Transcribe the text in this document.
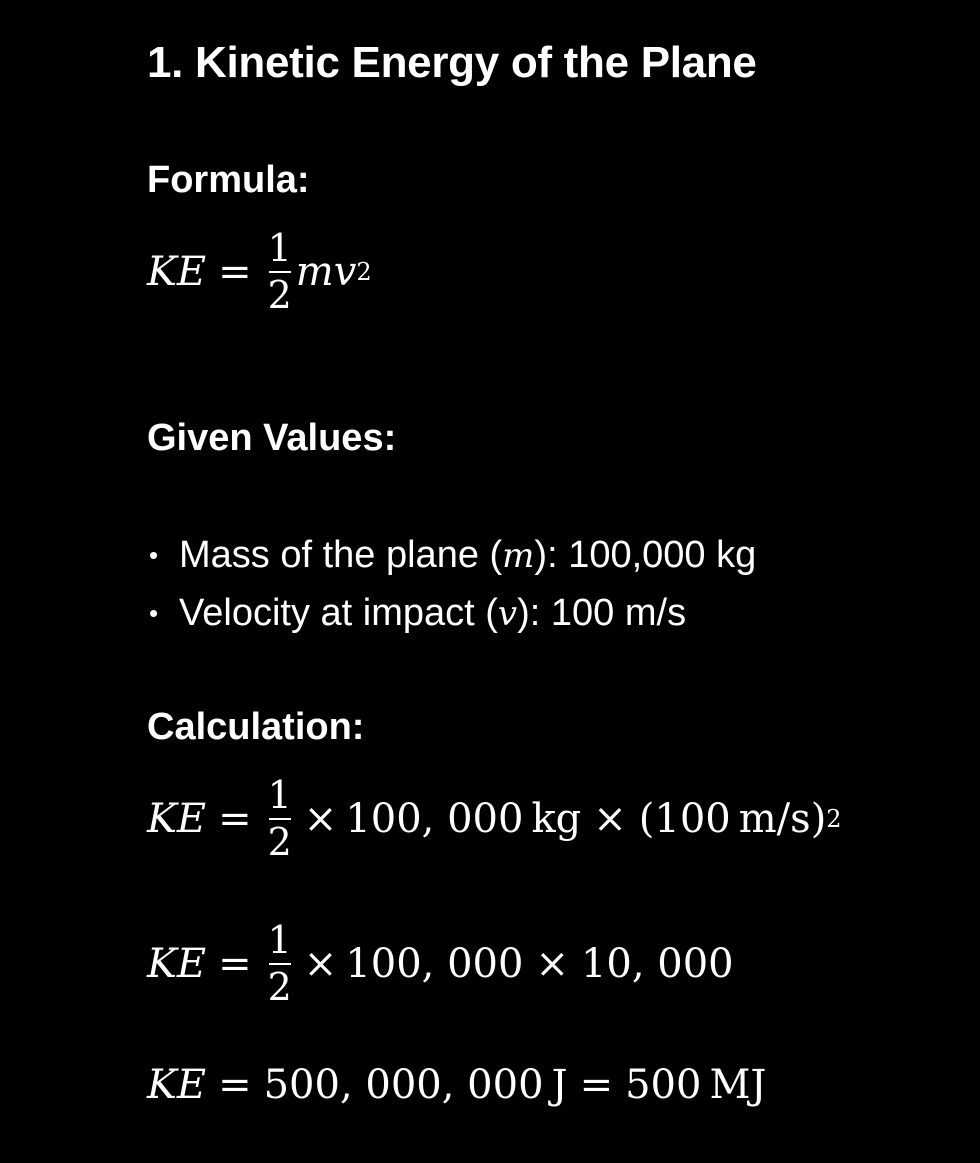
1. Kinetic Energy of the Plane
Formula:
KE = $\frac{1}{2}$ mv 2
Given Values:
• Mass of the plane (m): 100,000 kg
• Velocity at impact (v): 100 m/s
Calculation:
KE = $\frac{1}{2} \times 100$, 000 kg × (100 m/s ) 2
KE = $\frac{1}{2} \times 100$, 000 × 10, 000
KE = 500, 000, 000 J = 500 MJ
